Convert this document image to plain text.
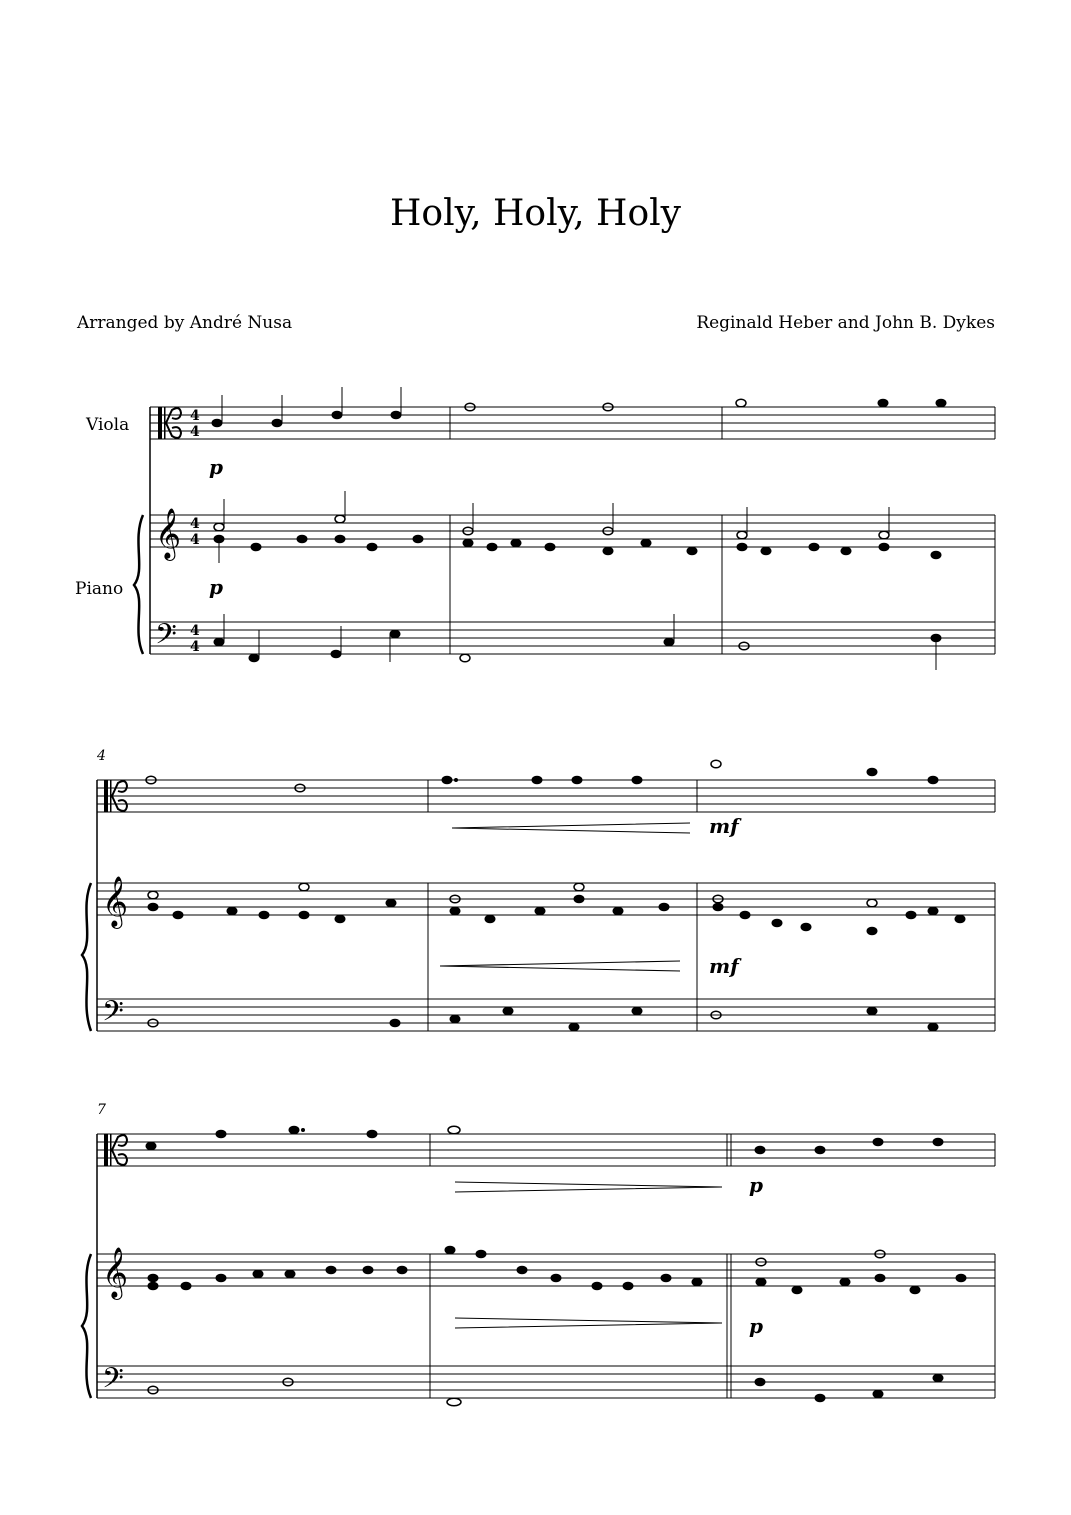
Holy, Holy, Holy
Arranged by André Nusa	Reginald Heber and John B. Dykes
𝄞
𝄢
4
4
4
4
4
4
Viola
Piano
p
p
4
𝄞
𝄢
mf
mf
7
𝄞
𝄢
p
p
